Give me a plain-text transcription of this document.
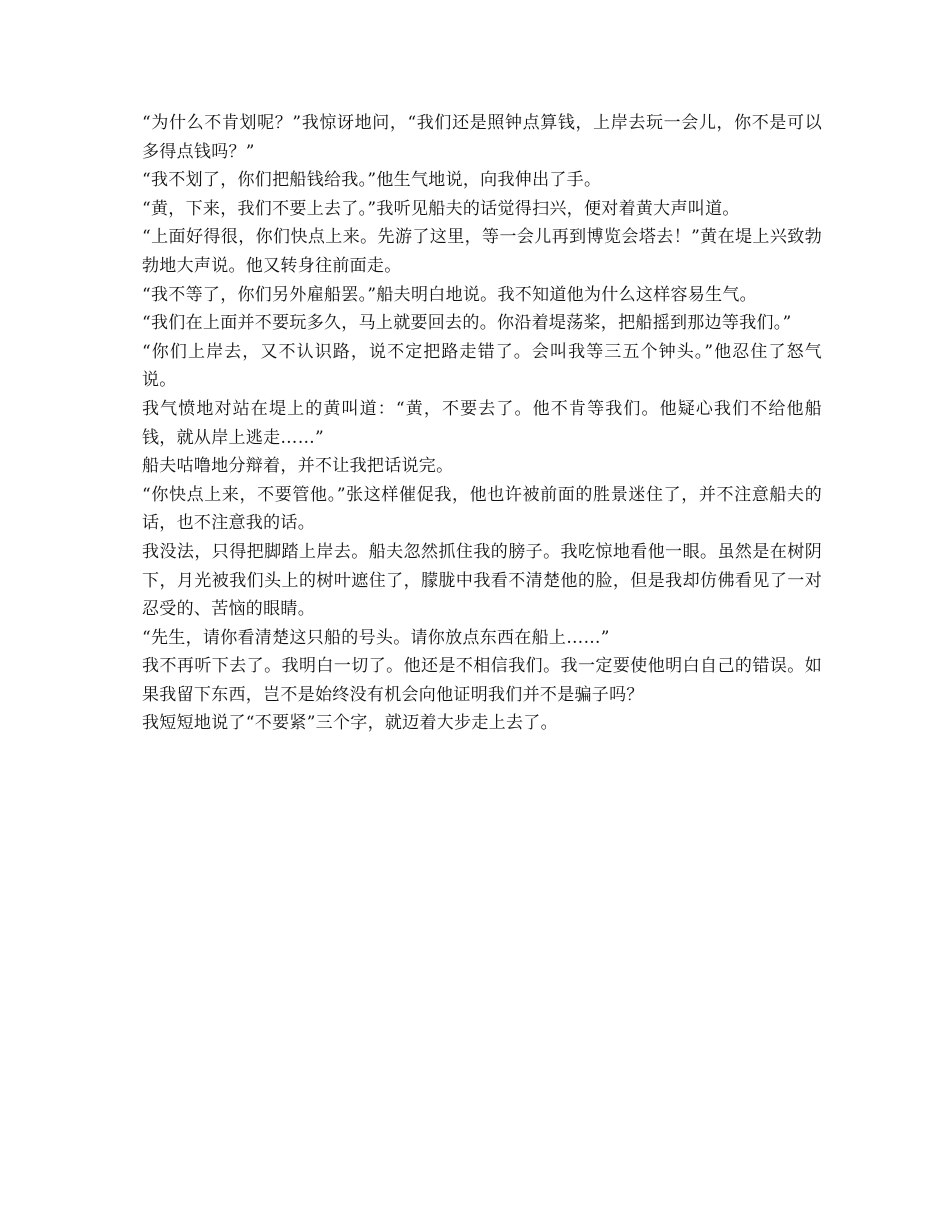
“为什么不肯划呢？”我惊讶地问，“我们还是照钟点算钱，上岸去玩一会儿，你不是可以多得点钱吗？”

“我不划了，你们把船钱给我。”他生气地说，向我伸出了手。

“黄，下来，我们不要上去了。”我听见船夫的话觉得扫兴，便对着黄大声叫道。

“上面好得很，你们快点上来。先游了这里，等一会儿再到博览会塔去！”黄在堤上兴致勃勃地大声说。他又转身往前面走。

“我不等了，你们另外雇船罢。”船夫明白地说。我不知道他为什么这样容易生气。

“我们在上面并不要玩多久，马上就要回去的。你沿着堤荡桨，把船摇到那边等我们。”

“你们上岸去，又不认识路，说不定把路走错了。会叫我等三五个钟头。”他忍住了怒气说。

我气愤地对站在堤上的黄叫道：“黄，不要去了。他不肯等我们。他疑心我们不给他船钱，就从岸上逃走……”

船夫咕噜地分辩着，并不让我把话说完。

“你快点上来，不要管他。”张这样催促我，他也许被前面的胜景迷住了，并不注意船夫的话，也不注意我的话。

我没法，只得把脚踏上岸去。船夫忽然抓住我的膀子。我吃惊地看他一眼。虽然是在树阴下，月光被我们头上的树叶遮住了，朦胧中我看不清楚他的脸，但是我却仿佛看见了一对忍受的、苦恼的眼睛。

“先生，请你看清楚这只船的号头。请你放点东西在船上……”

我不再听下去了。我明白一切了。他还是不相信我们。我一定要使他明白自己的错误。如果我留下东西，岂不是始终没有机会向他证明我们并不是骗子吗？

我短短地说了“不要紧”三个字，就迈着大步走上去了。
